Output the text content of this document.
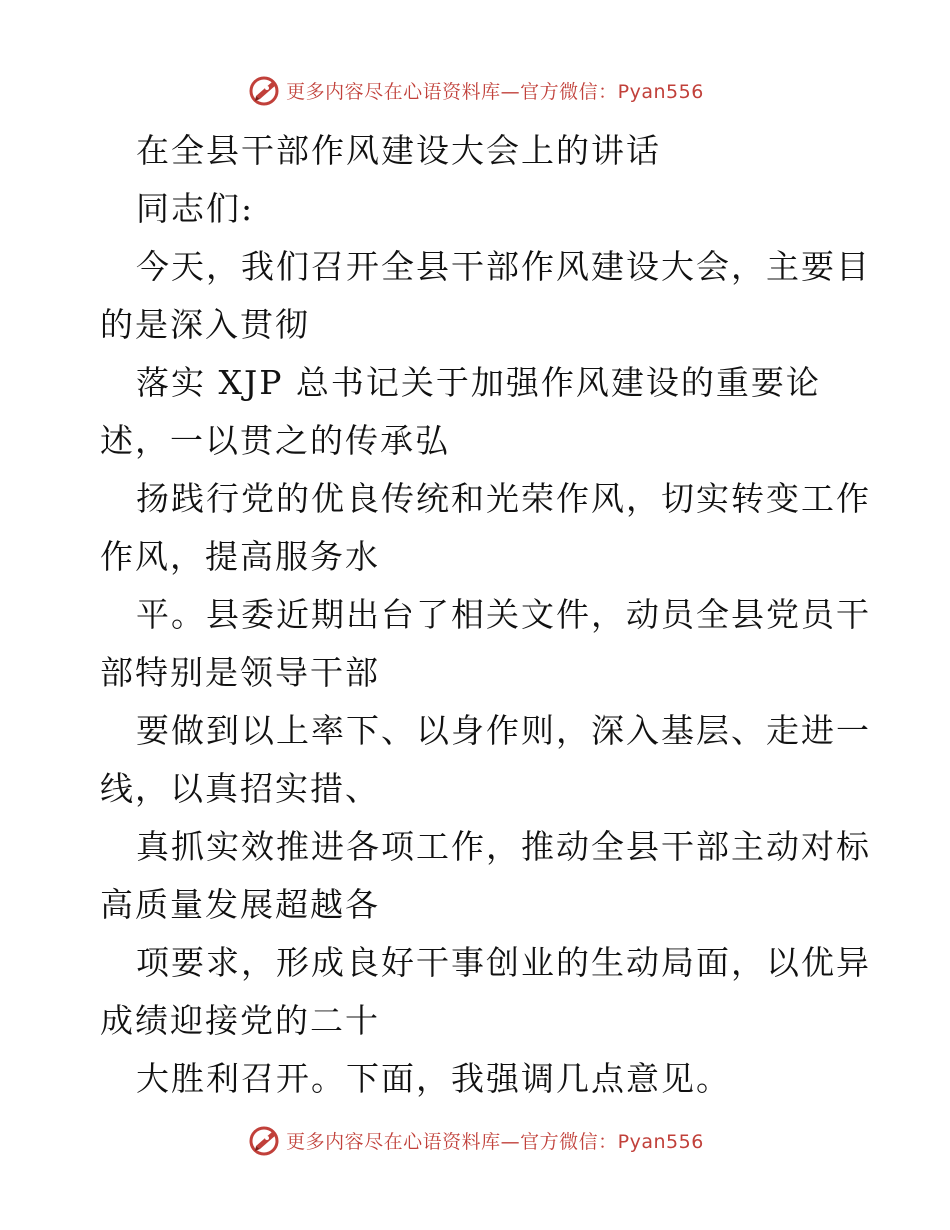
更多内容尽在心语资料库—官方微信：Pyan556
在全县干部作风建设大会上的讲话
同志们:
今天，我们召开全县干部作风建设大会，主要目
的是深入贯彻
落实 XJP 总书记关于加强作风建设的重要论
述，一以贯之的传承弘
扬践行党的优良传统和光荣作风，切实转变工作
作风，提高服务水
平。县委近期出台了相关文件，动员全县党员干
部特别是领导干部
要做到以上率下、以身作则，深入基层、走进一
线，以真招实措、
真抓实效推进各项工作，推动全县干部主动对标
高质量发展超越各
项要求，形成良好干事创业的生动局面，以优异
成绩迎接党的二十
大胜利召开。下面，我强调几点意见。
更多内容尽在心语资料库—官方微信：Pyan556
